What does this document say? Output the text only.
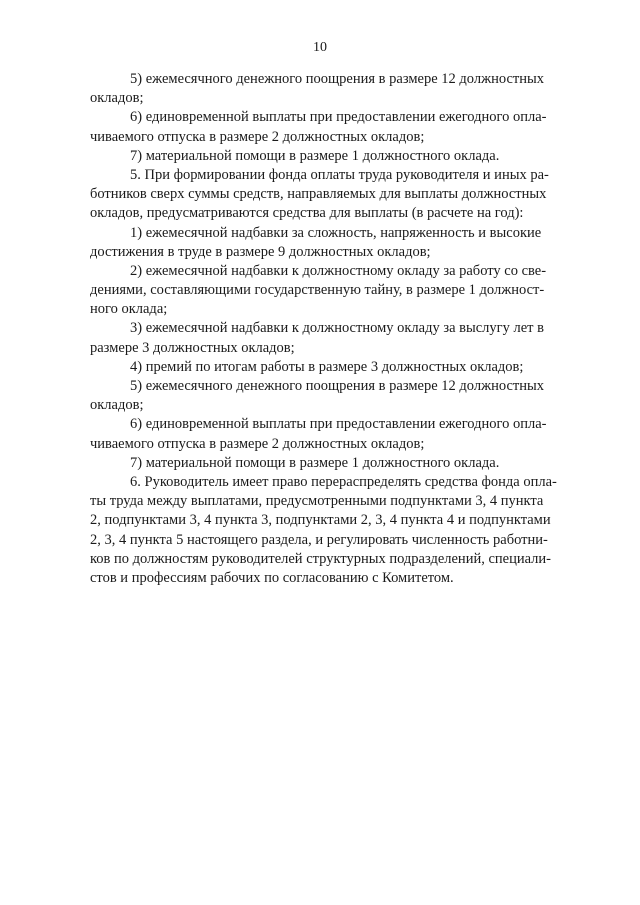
10
5) ежемесячного денежного поощрения в размере 12 должностных
окладов;
6) единовременной выплаты при предоставлении ежегодного опла-
чиваемого отпуска в размере 2 должностных окладов;
7) материальной помощи в размере 1 должностного оклада.
5. При формировании фонда оплаты труда руководителя и иных ра-
ботников сверх суммы средств, направляемых для выплаты должностных
окладов, предусматриваются средства для выплаты (в расчете на год):
1) ежемесячной надбавки за сложность, напряженность и высокие
достижения в труде в размере 9 должностных окладов;
2) ежемесячной надбавки к должностному окладу за работу со све-
дениями, составляющими государственную тайну, в размере 1 должност-
ного оклада;
3) ежемесячной надбавки к должностному окладу за выслугу лет в
размере 3 должностных окладов;
4) премий по итогам работы в размере 3 должностных окладов;
5) ежемесячного денежного поощрения в размере 12 должностных
окладов;
6) единовременной выплаты при предоставлении ежегодного опла-
чиваемого отпуска в размере 2 должностных окладов;
7) материальной помощи в размере 1 должностного оклада.
6. Руководитель имеет право перераспределять средства фонда опла-
ты труда между выплатами, предусмотренными подпунктами 3, 4 пункта
2, подпунктами 3, 4 пункта 3, подпунктами 2, 3, 4 пункта 4 и подпунктами
2, 3, 4 пункта 5 настоящего раздела, и регулировать численность работни-
ков по должностям руководителей структурных подразделений, специали-
стов и профессиям рабочих по согласованию с Комитетом.
